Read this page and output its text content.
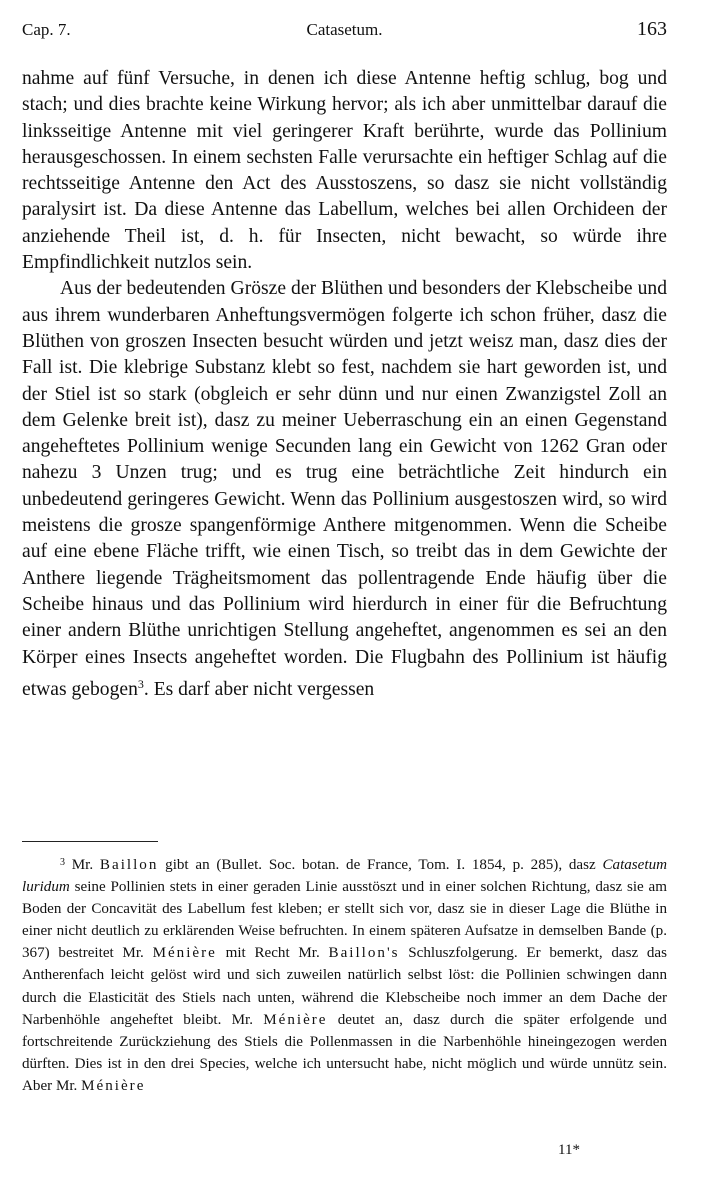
Cap. 7.	Catasetum.	163

nahme auf fünf Versuche, in denen ich diese Antenne heftig schlug, bog und stach; und dies brachte keine Wirkung hervor; als ich aber unmittelbar darauf die linksseitige Antenne mit viel geringerer Kraft berührte, wurde das Pollinium herausgeschossen. In einem sechsten Falle verursachte ein heftiger Schlag auf die rechtsseitige Antenne den Act des Ausstoszens, so dasz sie nicht vollständig paralysirt ist. Da diese Antenne das Labellum, welches bei allen Orchideen der anziehende Theil ist, d. h. für Insecten, nicht bewacht, so würde ihre Empfindlichkeit nutzlos sein.

Aus der bedeutenden Grösze der Blüthen und besonders der Klebscheibe und aus ihrem wunderbaren Anheftungsvermögen folgerte ich schon früher, dasz die Blüthen von groszen Insecten besucht würden und jetzt weisz man, dasz dies der Fall ist. Die klebrige Substanz klebt so fest, nachdem sie hart geworden ist, und der Stiel ist so stark (obgleich er sehr dünn und nur einen Zwanzigstel Zoll an dem Gelenke breit ist), dasz zu meiner Ueberraschung ein an einen Gegenstand angeheftetes Pollinium wenige Secunden lang ein Gewicht von 1262 Gran oder nahezu 3 Unzen trug; und es trug eine beträchtliche Zeit hindurch ein unbedeutend geringeres Gewicht. Wenn das Pollinium ausgestoszen wird, so wird meistens die grosze spangenförmige Anthere mitgenommen. Wenn die Scheibe auf eine ebene Fläche trifft, wie einen Tisch, so treibt das in dem Gewichte der Anthere liegende Trägheitsmoment das pollentragende Ende häufig über die Scheibe hinaus und das Pollinium wird hierdurch in einer für die Befruchtung einer andern Blüthe unrichtigen Stellung angeheftet, angenommen es sei an den Körper eines Insects angeheftet worden. Die Flugbahn des Pollinium ist häufig etwas gebogen$^3$. Es darf aber nicht vergessen

$^3$ Mr. Baillon gibt an (Bullet. Soc. botan. de France, Tom. I. 1854, p. 285), dasz Catasetum luridum seine Pollinien stets in einer geraden Linie ausstöszt und in einer solchen Richtung, dasz sie am Boden der Concavität des Labellum fest kleben; er stellt sich vor, dasz sie in dieser Lage die Blüthe in einer nicht deutlich zu erklärenden Weise befruchten. In einem späteren Aufsatze in demselben Bande (p. 367) bestreitet Mr. Ménière mit Recht Mr. Baillon's Schluszfolgerung. Er bemerkt, dasz das Antherenfach leicht gelöst wird und sich zuweilen natürlich selbst löst: die Pollinien schwingen dann durch die Elasticität des Stiels nach unten, während die Klebscheibe noch immer an dem Dache der Narbenhöhle angeheftet bleibt. Mr. Ménière deutet an, dasz durch die später erfolgende und fortschreitende Zurückziehung des Stiels die Pollenmassen in die Narbenhöhle hineingezogen werden dürften. Dies ist in den drei Species, welche ich untersucht habe, nicht möglich und würde unnütz sein. Aber Mr. Ménière

11*
